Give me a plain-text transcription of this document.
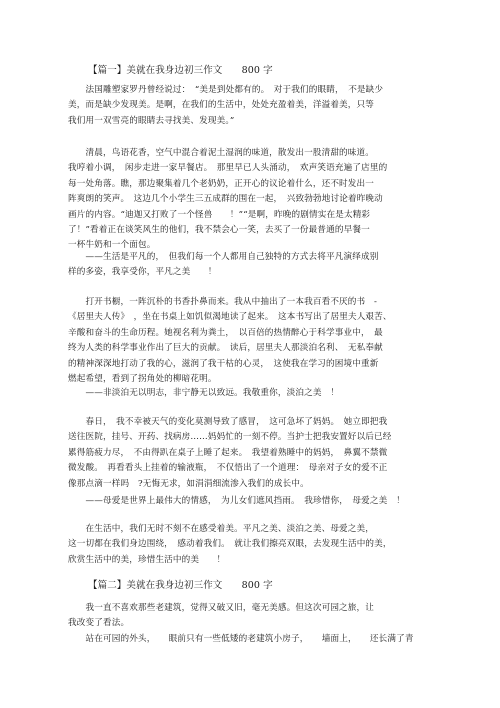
【篇一】美就在我身边初三作文　　800 字
　　法国雕塑家罗丹曾经说过：　“美是到处都有的。　对于我们的眼睛，　不是缺少
美，而是缺少发现美。是啊，在我们的生活中，处处充盈着美，洋溢着美，只等
我们用一双雪亮的眼睛去寻找美、发现美。”
　　清晨，鸟语花香，空气中混合着泥土湿润的味道，散发出一股清甜的味道。
我哼着小调，　闲步走进一家早餐店。　那里早已人头涌动，　欢声笑语充遍了店里的
每一处角落。瞧，那边聚集着几个老奶奶，正开心的议论着什么，还不时发出一
阵爽朗的笑声。　这边几个小学生三五成群的围在一起，　兴致勃勃地讨论着昨晚动
画片的内容。“迪迦又打败了一个怪兽　　！”“是啊，昨晚的剧情实在是太精彩
了！”看着正在谈笑风生的他们，我不禁会心一笑，去买了一份最普通的早餐一
一杯牛奶和一个面包。
　　——生活是平凡的，　但我们每一个人都用自己独特的方式去将平凡演绎成别
样的多姿，我享受你，平凡之美　　！
　　打开书橱，一阵沉朴的书香扑鼻而来。我从中抽出了一本我百看不厌的书　-
《居里夫人传》　，坐在书桌上如饥似渴地读了起来。　这本书写出了居里夫人艰苦、
辛酸和奋斗的生命历程。她视名利为粪土，　以百倍的热情醉心于科学事业中，　最
终为人类的科学事业作出了巨大的贡献。　读后，居里夫人那淡泊名利、　无私奉献
的精神深深地打动了我的心，滋润了我干枯的心灵，　这使我在学习的困境中重新
燃起希望，看到了拐角处的柳暗花明。
　　——非淡泊无以明志，非宁静无以致远。我敬重你，淡泊之美　！
　　春日，　我不幸被天气的变化莫测导致了感冒，　这可急坏了妈妈。　她立即把我
送往医院，挂号、开药、找病房……妈妈忙的一刻不停。当护士把我安置好以后已经
累得筋疲力尽，　不由得趴在桌子上睡了起来。　我望着熟睡中的妈妈，　鼻翼不禁微
微发酸。　再看看头上挂着的输液瓶，　不仅悟出了一个道理：　母亲对子女的爱不正
像那点滴一样吗　?无悔无求，如涓涓细流渗入我们的成长中。
　　——母爱是世界上最伟大的情感，　为儿女们遮风挡雨。　我珍惜你，　母爱之美　！
　　在生活中，我们无时不刻不在感受着美。平凡之美、淡泊之美、母爱之美，
这一切都在我们身边围绕，　感动着我们。　就让我们擦亮双眼，去发现生活中的美，
欣赏生活中的美，珍惜生活中的美　　！
【篇二】美就在我身边初三作文　　800 字
　　我一直不喜欢那些老建筑，觉得又破又旧，毫无美感。但这次可园之旅，让
我改变了看法。
　　站在可园的外头，　　眼前只有一些低矮的老建筑小房子，　　墙面上，　　还长满了青
